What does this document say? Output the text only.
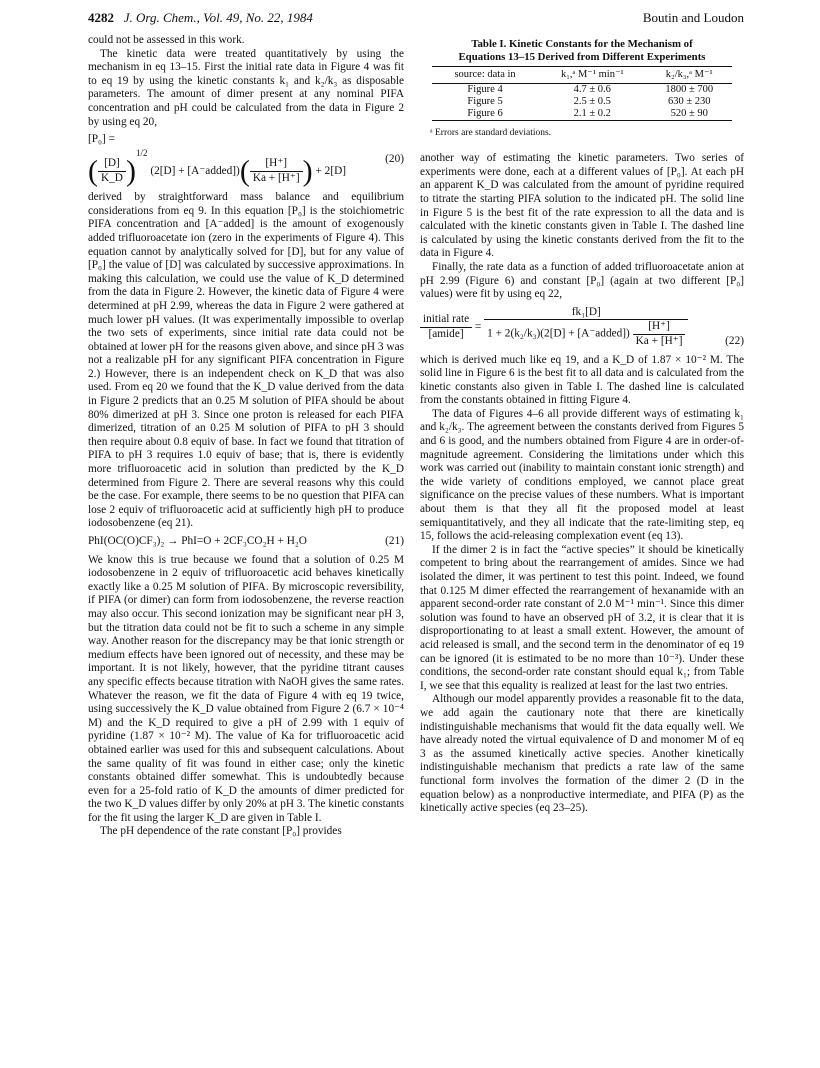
4282 J. Org. Chem., Vol. 49, No. 22, 1984	Boutin and Loudon

could not be assessed in this work.

The kinetic data were treated quantitatively by using the mechanism in eq 13–15. First the initial rate data in Figure 4 was fit to eq 19 by using the kinetic constants k₁ and k₂/k₃ as disposable parameters. The amount of dimer present at any nominal PIFA concentration and pH could be calculated from the data in Figure 2 by using eq 20,

[P₀] =
( $\frac{[D]}{K\_D} )^{1/2}$ (2[D] + [A⁻added])( $\frac{[H^+]}{Ka + [H^+]}$ ) + 2[D]
(20)

derived by straightforward mass balance and equilibrium considerations from eq 9. In this equation [P₀] is the stoichiometric PIFA concentration and [A⁻added] is the amount of exogenously added trifluoroacetate ion (zero in the experiments of Figure 4). This equation cannot by analytically solved for [D], but for any value of [P₀] the value of [D] was calculated by successive approximations. In making this calculation, we could use the value of K_D determined from the data in Figure 2. However, the kinetic data of Figure 4 were determined at pH 2.99, whereas the data in Figure 2 were gathered at much lower pH values. (It was experimentally impossible to overlap the two sets of experiments, since initial rate data could not be obtained at lower pH for the reasons given above, and since pH 3 was not a realizable pH for any significant PIFA concentration in Figure 2.) However, there is an independent check on K_D that was also used. From eq 20 we found that the K_D value derived from the data in Figure 2 predicts that an 0.25 M solution of PIFA should be about 80% dimerized at pH 3. Since one proton is released for each PIFA dimerized, titration of an 0.25 M solution of PIFA to pH 3 should then require about 0.8 equiv of base. In fact we found that titration of PIFA to pH 3 requires 1.0 equiv of base; that is, there is evidently more trifluoroacetic acid in solution than predicted by the K_D determined from Figure 2. There are several reasons why this could be the case. For example, there seems to be no question that PIFA can lose 2 equiv of trifluoroacetic acid at sufficiently high pH to produce iodosobenzene (eq 21).

PhI(OC(O)CF₃)₂ → PhI=O + 2CF₃CO₂H + H₂O	(21)

We know this is true because we found that a solution of 0.25 M iodosobenzene in 2 equiv of trifluoroacetic acid behaves kinetically exactly like a 0.25 M solution of PIFA. By microscopic reversibility, if PIFA (or dimer) can form from iodosobenzene, the reverse reaction may also occur. This second ionization may be significant near pH 3, but the titration data could not be fit to such a scheme in any simple way. Another reason for the discrepancy may be that ionic strength or medium effects have been ignored out of necessity, and these may be important. It is not likely, however, that the pyridine titrant causes any specific effects because titration with NaOH gives the same rates. Whatever the reason, we fit the data of Figure 4 with eq 19 twice, using successively the K_D value obtained from Figure 2 (6.7 × 10⁻⁴ M) and the K_D required to give a pH of 2.99 with 1 equiv of pyridine (1.87 × 10⁻² M). The value of Ka for trifluoroacetic acid obtained earlier was used for this and subsequent calculations. About the same quality of fit was found in either case; only the kinetic constants obtained differ somewhat. This is undoubtedly because even for a 25-fold ratio of K_D the amounts of dimer predicted for the two K_D values differ by only 20% at pH 3. The kinetic constants for the fit using the larger K_D are given in Table I.

The pH dependence of the rate constant [P₀] provides

Table I. Kinetic Constants for the Mechanism of
Equations 13–15 Derived from Different Experiments
source: data in	k₁,ᵃ M⁻¹ min⁻¹	k₂/k₃,ᵃ M⁻¹
Figure 4	4.7 ± 0.6	1800 ± 700
Figure 5	2.5 ± 0.5	630 ± 230
Figure 6	2.1 ± 0.2	520 ± 90
ᵃ Errors are standard deviations.

another way of estimating the kinetic parameters. Two series of experiments were done, each at a different values of [P₀]. At each pH an apparent K_D was calculated from the amount of pyridine required to titrate the starting PIFA solution to the indicated pH. The solid line in Figure 5 is the best fit of the rate expression to all the data and is calculated with the kinetic constants given in Table I. The dashed line is calculated by using the kinetic constants derived from the fit to the data in Figure 4.

Finally, the rate data as a function of added trifluoroacetate anion at pH 2.99 (Figure 6) and constant [P₀] (again at two different [P₀] values) were fit by using eq 22,

$\frac{\text{initial rate}}{\text{[amide]}} = \frac{\text{fk₁[D]}}{1 + 2(k_2/k_3)(2[D] + [A^-added]) \frac{[H^+]}{Ka + [H^+]}}$	(22)

which is derived much like eq 19, and a K_D of 1.87 × 10⁻² M. The solid line in Figure 6 is the best fit to all data and is calculated from the kinetic constants also given in Table I. The dashed line is calculated from the constants obtained in fitting Figure 4.

The data of Figures 4–6 all provide different ways of estimating k₁ and k₂/k₃. The agreement between the constants derived from Figures 5 and 6 is good, and the numbers obtained from Figure 4 are in order-of-magnitude agreement. Considering the limitations under which this work was carried out (inability to maintain constant ionic strength) and the wide variety of conditions employed, we cannot place great significance on the precise values of these numbers. What is important about them is that they all fit the proposed model at least semiquantitatively, and they all indicate that the rate-limiting step, eq 15, follows the acid-releasing complexation event (eq 13).

If the dimer 2 is in fact the “active species” it should be kinetically competent to bring about the rearrangement of amides. Since we had isolated the dimer, it was pertinent to test this point. Indeed, we found that 0.125 M dimer effected the rearrangement of hexanamide with an apparent second-order rate constant of 2.0 M⁻¹ min⁻¹. Since this dimer solution was found to have an observed pH of 3.2, it is clear that it is disproportionating to at least a small extent. However, the amount of acid released is small, and the second term in the denominator of eq 19 can be ignored (it is estimated to be no more than 10⁻³). Under these conditions, the second-order rate constant should equal k₁; from Table I, we see that this equality is realized at least for the last two entries.

Although our model apparently provides a reasonable fit to the data, we add again the cautionary note that there are kinetically indistinguishable mechanisms that would fit the data equally well. We have already noted the virtual equivalence of D and monomer M of eq 3 as the assumed kinetically active species. Another kinetically indistinguishable mechanism that predicts a rate law of the same functional form involves the formation of the dimer 2 (D in the equation below) as a nonproductive intermediate, and PIFA (P) as the kinetically active species (eq 23–25).
